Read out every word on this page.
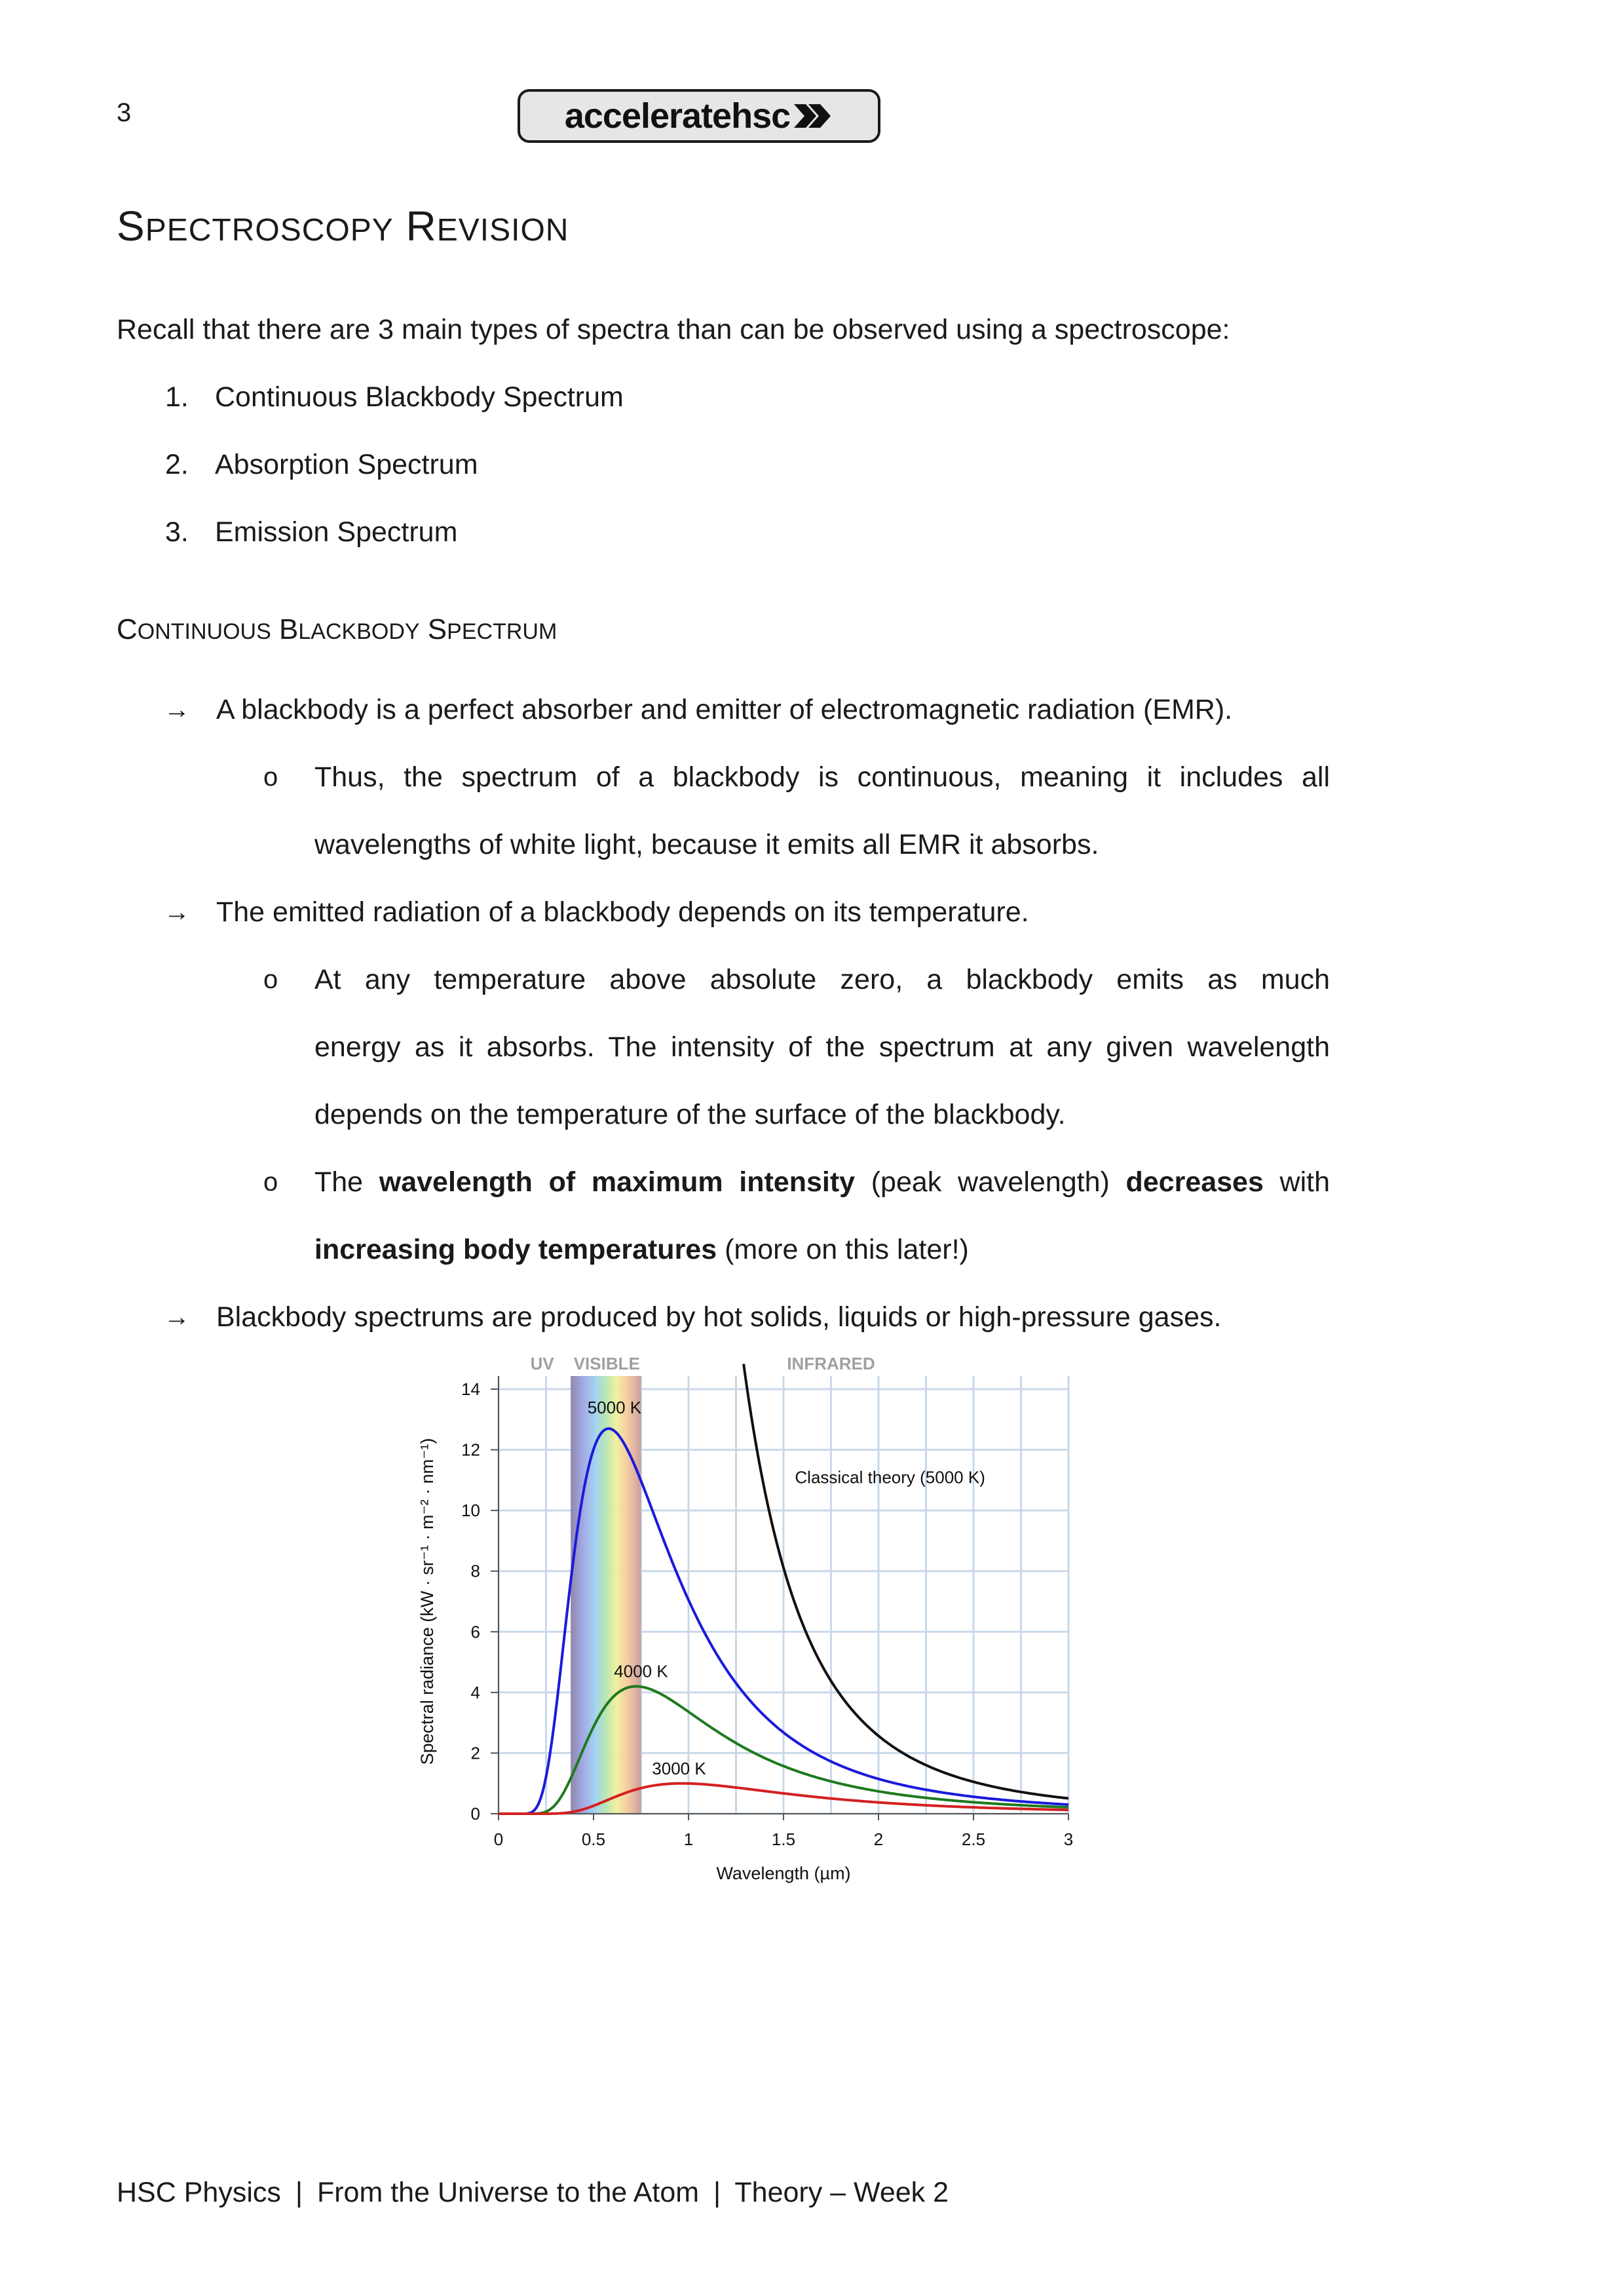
3	acceleratehsc
SPECTROSCOPY REVISION
Recall that there are 3 main types of spectra than can be observed using a spectroscope:
1. Continuous Blackbody Spectrum
2. Absorption Spectrum
3. Emission Spectrum
CONTINUOUS BLACKBODY SPECTRUM
→ A blackbody is a perfect absorber and emitter of electromagnetic radiation (EMR).
o Thus, the spectrum of a blackbody is continuous, meaning it includes all
wavelengths of white light, because it emits all EMR it absorbs.
→ The emitted radiation of a blackbody depends on its temperature.
o At any temperature above absolute zero, a blackbody emits as much
energy as it absorbs. The intensity of the spectrum at any given wavelength
depends on the temperature of the surface of the blackbody.
o The wavelength of maximum intensity (peak wavelength) decreases with
increasing body temperatures (more on this later!)
→ Blackbody spectrums are produced by hot solids, liquids or high-pressure gases.
0	0.5	1	1.5	2	2.5	3
0
2
4
6
8
10
12
14
Wavelength (µm)
Spectral radiance (kW · sr⁻¹ · m⁻² · nm⁻¹)
UV VISIBLE	INFRARED
5000 K
4000 K
3000 K
Classical theory (5000 K)
HSC Physics | From the Universe to the Atom | Theory – Week 2
